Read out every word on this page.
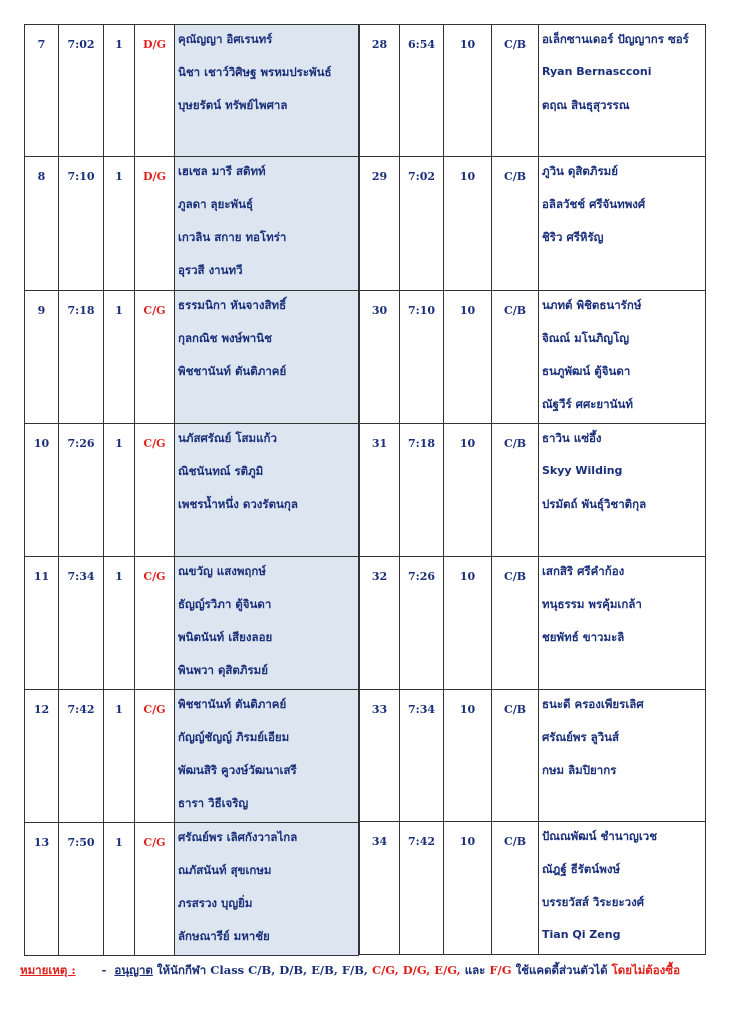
7	7:02	1	D/G	คุณัญญา อิศเรนทร์
นิชา เชาว์วิศิษฐ พรหมประพันธ์
บุษยรัตน์ ทรัพย์ไพศาล

8	7:10	1	D/G	เฮเซล มารี สติทท์
ภูลดา ลุยะพันธุ์
เกวลิน สกาย ทอโทร่า
อุรวสี งานทวี

9	7:18	1	C/G	ธรรมนิกา หันจางสิทธิ์
กุลกณิช พงษ์พานิช
พิชชานันท์ ตันติภาคย์

10	7:26	1	C/G	นภัสศรัณย์ โสมแก้ว
ณิชนันทณ์ รติภูมิ
เพชรน้ำหนึ่ง ดวงรัตนกุล

11	7:34	1	C/G	ณขวัญ แสงพฤกษ์
ธัญญ์รวิภา ตู้จินดา
พนิตนันท์ เสียงลอย
พินพวา ดุสิตภิรมย์

12	7:42	1	C/G	พิชชานันท์ ตันติภาคย์
กัญญ์ชัญญ์ ภิรมย์เอียม
พัฒนสิริ คูวงษ์วัฒนาเสรี
ธารา วิธีเจริญ

13	7:50	1	C/G	ศรัณย์พร เลิศกังวาลไกล
ณภัสนันท์ สุขเกษม
ภรสรวง บุญยิ่ม
ลักษณารีย์ มหาชัย
28	6:54	10	C/B	อเล็กซานเดอร์ ปัญญากร ซอร์
Ryan Bernascconi
ตฤณ สินธุสุวรรณ

29	7:02	10	C/B	ภูวิน ดุสิตภิรมย์
อลิลวัชช์ ศรีจันทพงศ์
ชิริว ศรีหิรัญ

30	7:10	10	C/B	นภทต์ พิชิตธนารักษ์
จิณณ์ มโนภิญโญ
ธนภูพัฒน์ ตู้จินดา
ณัฐวีร์ ศศะยานันท์

31	7:18	10	C/B	ธาวิน แซ่อึ้ง
Skyy Wilding
ปรมัตถ์ พันธุ์วิชาติกุล

32	7:26	10	C/B	เสกสิริ ศรีคำก้อง
ทนุธรรม พรคุ้มเกล้า
ชยพัทธ์ ขาวมะลิ

33	7:34	10	C/B	ธนะดี ครองเพียรเลิศ
ศรัณย์พร ลูวินส์
กษม ลิมปิยากร

34	7:42	10	C/B	ปัณณพัฒน์ ชำนาญเวช
ณัฎฐ์ ธีรัตน์พงษ์
บรรยวัสส์ วิระยะวงศ์
Tian Qi Zeng
หมายเหตุ : - อนุญาต ให้นักกีฬา Class C/B, D/B, E/B, F/B, C/G, D/G, E/G, และ F/G ใช้แคดดี้ส่วนตัวได้ โดยไม่ต้องซื้อ
